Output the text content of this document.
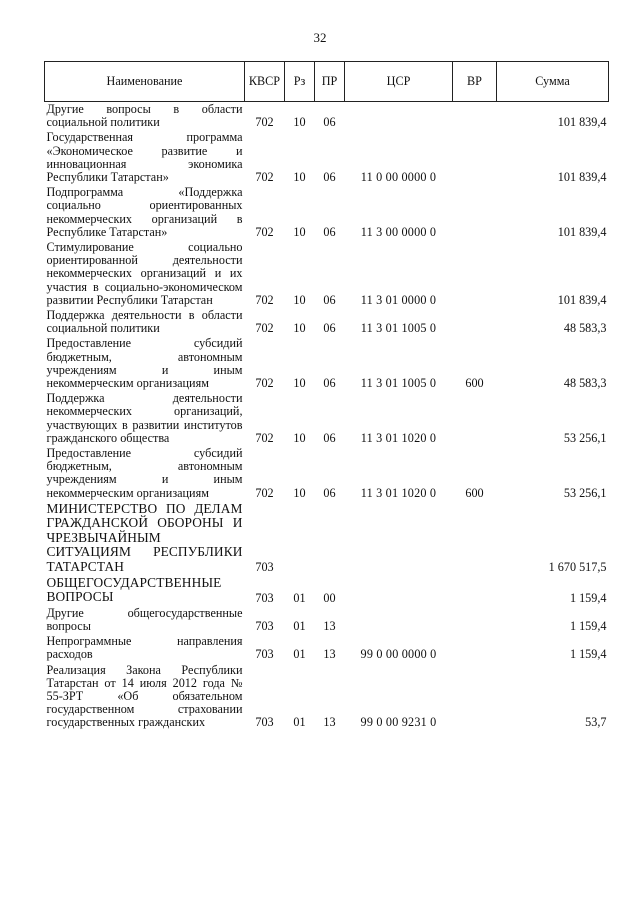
32
Наименование	КВСР	Рз	ПР	ЦСР	ВР	Сумма
Другие вопросы в области социальной политики	702	10	06			101 839,4
Государственная программа «Экономическое развитие и инновационная экономика Республики Татарстан»	702	10	06	11 0 00 0000 0		101 839,4
Подпрограмма «Поддержка социально ориентированных некоммерческих организаций в Республике Татарстан»	702	10	06	11 3 00 0000 0		101 839,4
Стимулирование социально ориентированной деятельности некоммерческих организаций и их участия в социально-экономическом развитии Республики Татарстан	702	10	06	11 3 01 0000 0		101 839,4
Поддержка деятельности в области социальной политики	702	10	06	11 3 01 1005 0		48 583,3
Предоставление субсидий бюджетным, автономным учреждениям и иным некоммерческим организациям	702	10	06	11 3 01 1005 0	600	48 583,3
Поддержка деятельности некоммерческих организаций, участвующих в развитии институтов гражданского общества	702	10	06	11 3 01 1020 0		53 256,1
Предоставление субсидий бюджетным, автономным учреждениям и иным некоммерческим организациям	702	10	06	11 3 01 1020 0	600	53 256,1
МИНИСТЕРСТВО ПО ДЕЛАМ ГРАЖДАНСКОЙ ОБОРОНЫ И ЧРЕЗВЫЧАЙНЫМ СИТУАЦИЯМ РЕСПУБЛИКИ ТАТАРСТАН	703					1 670 517,5
ОБЩЕГОСУДАРСТВЕННЫЕ ВОПРОСЫ	703	01	00			1 159,4
Другие общегосударственные вопросы	703	01	13			1 159,4
Непрограммные направления расходов	703	01	13	99 0 00 0000 0		1 159,4
Реализация Закона Республики Татарстан от 14 июля 2012 года № 55-ЗРТ «Об обязательном государственном страховании государственных гражданских	703	01	13	99 0 00 9231 0		53,7
